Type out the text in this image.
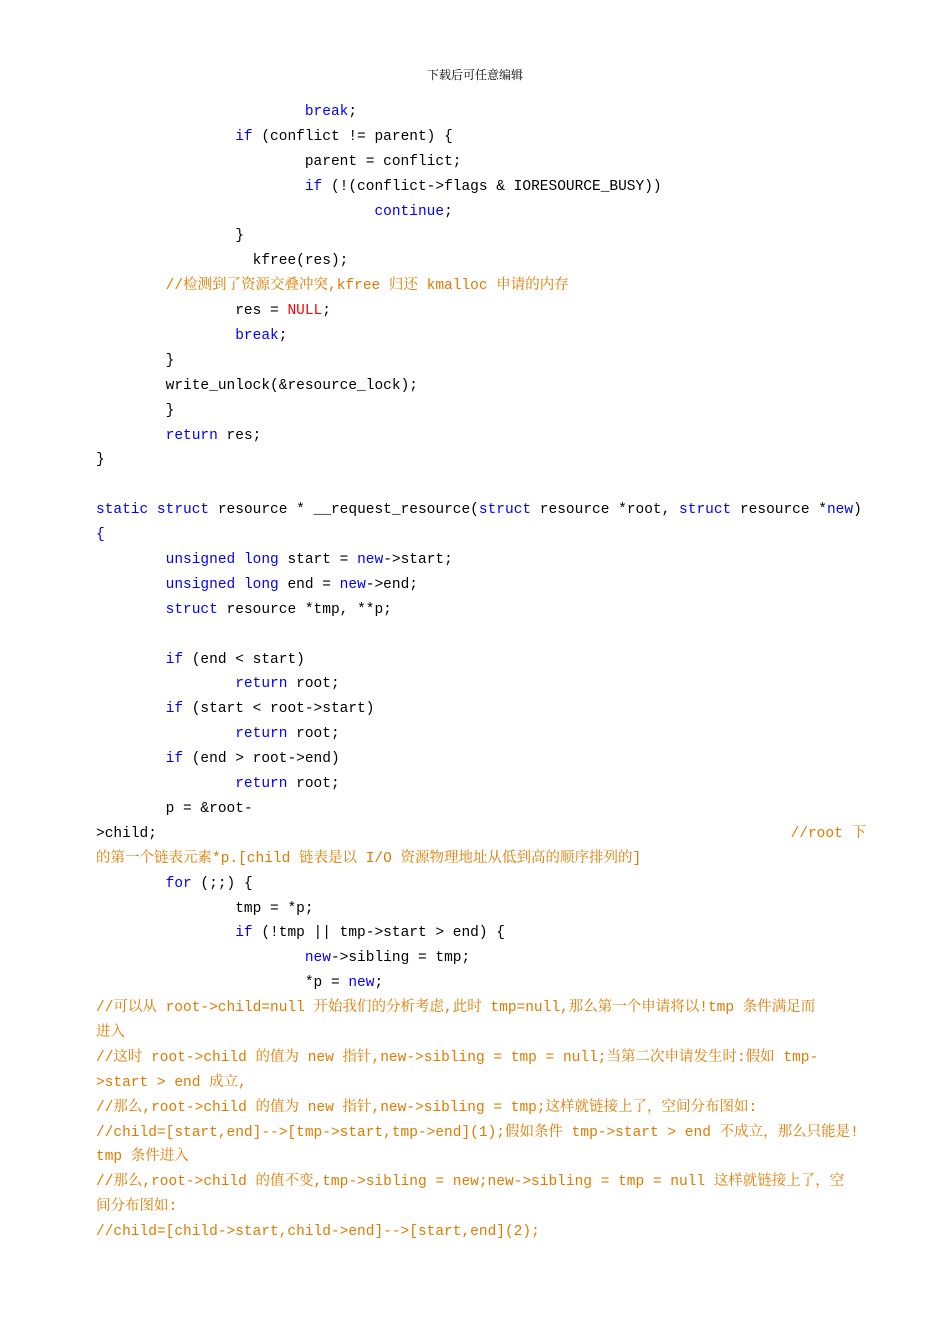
下载后可任意编辑
break;
if (conflict != parent) {
parent = conflict;
if (!(conflict->flags & IORESOURCE_BUSY))
continue;
}
kfree(res);
//检测到了资源交叠冲突,kfree 归还 kmalloc 申请的内存
res = NULL;
break;
}
write_unlock(&resource_lock);
}
return res;
}
static struct resource * __request_resource(struct resource *root, struct resource *new)
{
unsigned long start = new->start;
unsigned long end = new->end;
struct resource *tmp, **p;
if (end < start)
return root;
if (start < root->start)
return root;
if (end > root->end)
return root;
p = &root-
>child;	//root 下
的第一个链表元素*p.[child 链表是以 I/O 资源物理地址从低到高的顺序排列的]
for (;;) {
tmp = *p;
if (!tmp || tmp->start > end) {
new->sibling = tmp;
*p = new;
//可以从 root->child=null 开始我们的分析考虑,此时 tmp=null,那么第一个申请将以!tmp 条件满足而
进入
//这时 root->child 的值为 new 指针,new->sibling = tmp = null;当第二次申请发生时:假如 tmp-
>start > end 成立,
//那么,root->child 的值为 new 指针,new->sibling = tmp;这样就链接上了，空间分布图如:
//child=[start,end]-->[tmp->start,tmp->end](1);假如条件 tmp->start > end 不成立，那么只能是!
tmp 条件进入
//那么,root->child 的值不变,tmp->sibling = new;new->sibling = tmp = null 这样就链接上了，空
间分布图如:
//child=[child->start,child->end]-->[start,end](2);
